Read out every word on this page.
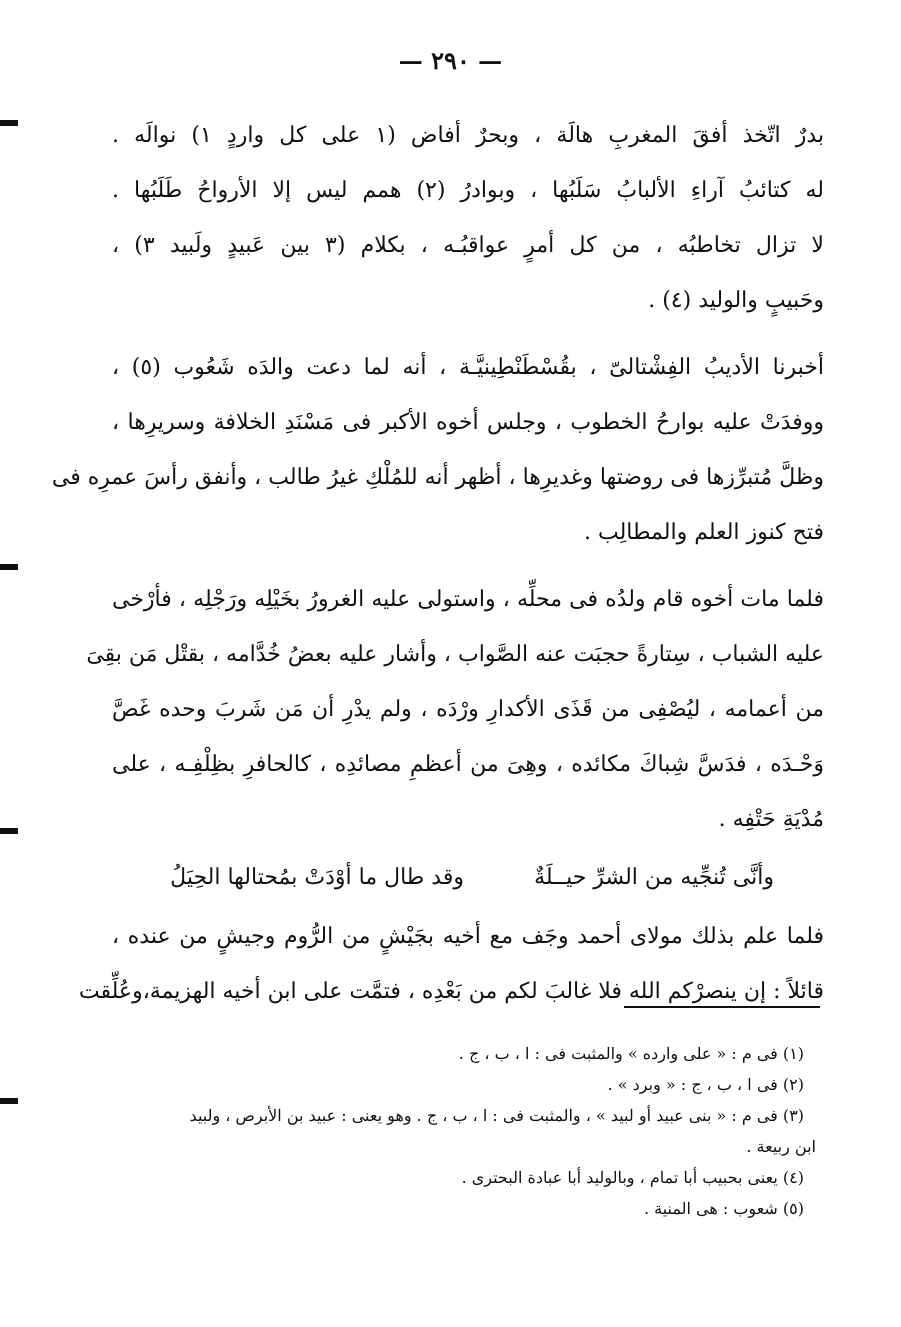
— ٢٩٠ —
بدرٌ اتّخذ أفقَ المغربِ هالَة ، وبحرٌ أفاض (١ على كل واردٍ ١) نوالَه .
له كتائبُ آراءِ الألبابُ سَلَبُها ، وبوادرُ (٢) همم ليس إلا الأرواحُ طَلَبُها .
لا تزال تخاطبُه ، من كل أمرٍ عواقبُـه ، بكلام (٣ بين عَبيدٍ ولَبيد ٣) ،
وحَبيبٍ والوليد (٤) .
أخبرنا الأديبُ الفِشْتالىّ ، بقُسْطَنْطِينيَّـة ، أنه لما دعت والدَه شَعُوب (٥) ،
ووفدَتْ عليه بوارحُ الخطوب ، وجلس أخوه الأكبر فى مَسْنَدِ الخلافة وسريرِها ،
وظلَّ مُتبرِّزها فى روضتها وغديرِها ، أظهر أنه للمُلْكِ غيرُ طالب ، وأنفق رأسَ عمرِه فى
فتح كنوز العلم والمطالِب .
فلما مات أخوه قام ولدُه فى محلِّه ، واستولى عليه الغرورُ بخَيْلِه ورَجْلِه ، فأرْخى
عليه الشباب ، سِتارةً حجبَت عنه الصَّواب ، وأشار عليه بعضُ خُدَّامه ، بقتْل مَن بقِىَ
من أعمامه ، ليُصْفِى من قَذَى الأكدارِ ورْدَه ، ولم يدْرِ أن مَن شَربَ وحده غَصَّ
وَحْـدَه ، فدَسَّ شِباكَ مكائده ، وهِىَ من أعظمِ مصائدِه ، كالحافرِ بظِلْفِـه ، على
مُدْيَةِ حَتْفِه .
وأنَّى تُنجِّيه من الشرِّ حيــلَةٌ
وقد طال ما أوْدَتْ بمُحتالها الحِيَلُ
فلما علم بذلك مولاى أحمد وجَف مع أخيه بجَيْشٍ من الرُّوم وجيشٍ من عنده ،
قائلاً : إن ينصرْكم الله فلا غالبَ لكم من بَعْدِه ، فتمَّت على ابن أخيه الهزيمة،وعُلِّقت
(١) فى م : « على وارده » والمثبت فى : ا ، ب ، ج .
(٢) فى ا ، ب ، ج : « وبرد » .
(٣) فى م : « بنى عبيد أو لبيد » ، والمثبت فى : ا ، ب ، ج . وهو يعنى : عبيد بن الأبرص ، ولبيد
ابن ربيعة .
(٤) يعنى بحبيب أبا تمام ، وبالوليد أبا عبادة البحترى .
(٥) شعوب : هى المنية .
